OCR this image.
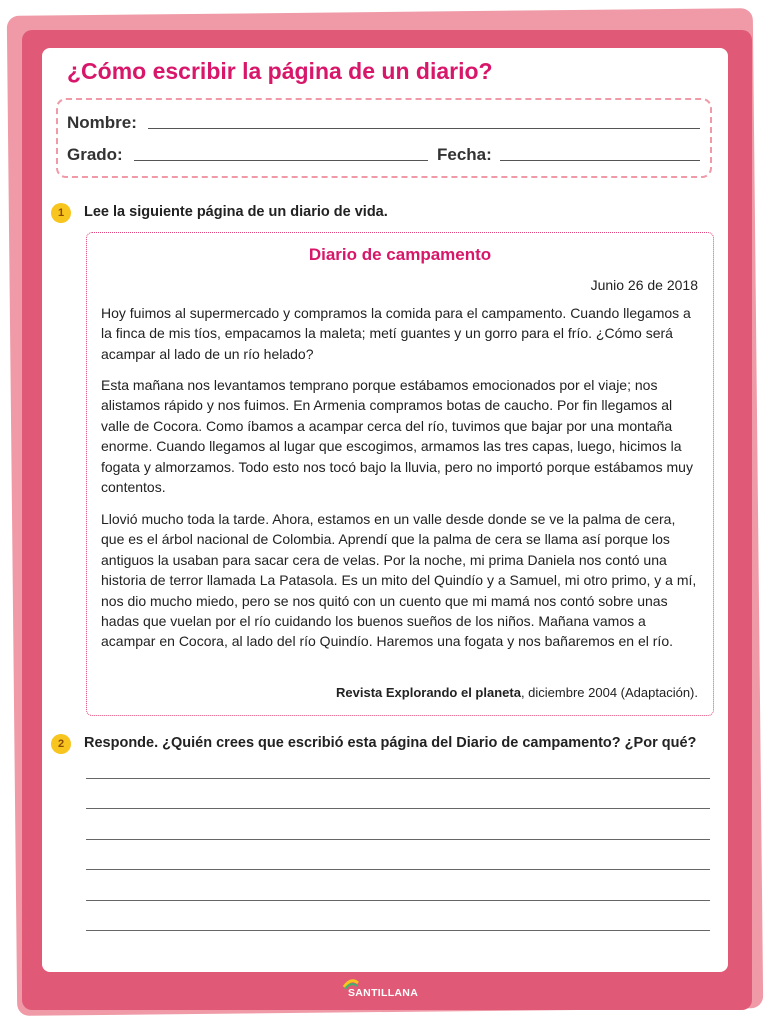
¿Cómo escribir la página de un diario?
Nombre:
Grado:	Fecha:
1	Lee la siguiente página de un diario de vida.
Diario de campamento
Junio 26 de 2018

Hoy fuimos al supermercado y compramos la comida para el campamento. Cuando llegamos a la finca de mis tíos, empacamos la maleta; metí guantes y un gorro para el frío. ¿Cómo será acampar al lado de un río helado?

Esta mañana nos levantamos temprano porque estábamos emocionados por el viaje; nos alistamos rápido y nos fuimos. En Armenia compramos botas de caucho. Por fin llegamos al valle de Cocora. Como íbamos a acampar cerca del río, tuvimos que bajar por una montaña enorme. Cuando llegamos al lugar que escogimos, armamos las tres capas, luego, hicimos la fogata y almorzamos. Todo esto nos tocó bajo la lluvia, pero no importó porque estábamos muy contentos.

Llovió mucho toda la tarde. Ahora, estamos en un valle desde donde se ve la palma de cera, que es el árbol nacional de Colombia. Aprendí que la palma de cera se llama así porque los antiguos la usaban para sacar cera de velas. Por la noche, mi prima Daniela nos contó una historia de terror llamada La Patasola. Es un mito del Quindío y a Samuel, mi otro primo, y a mí, nos dio mucho miedo, pero se nos quitó con un cuento que mi mamá nos contó sobre unas hadas que vuelan por el río cuidando los buenos sueños de los niños. Mañana vamos a acampar en Cocora, al lado del río Quindío. Haremos una fogata y nos bañaremos en el río.

Revista Explorando el planeta, diciembre 2004 (Adaptación).
2	Responde. ¿Quién crees que escribió esta página del Diario de campamento? ¿Por qué?
SANTILLANA
